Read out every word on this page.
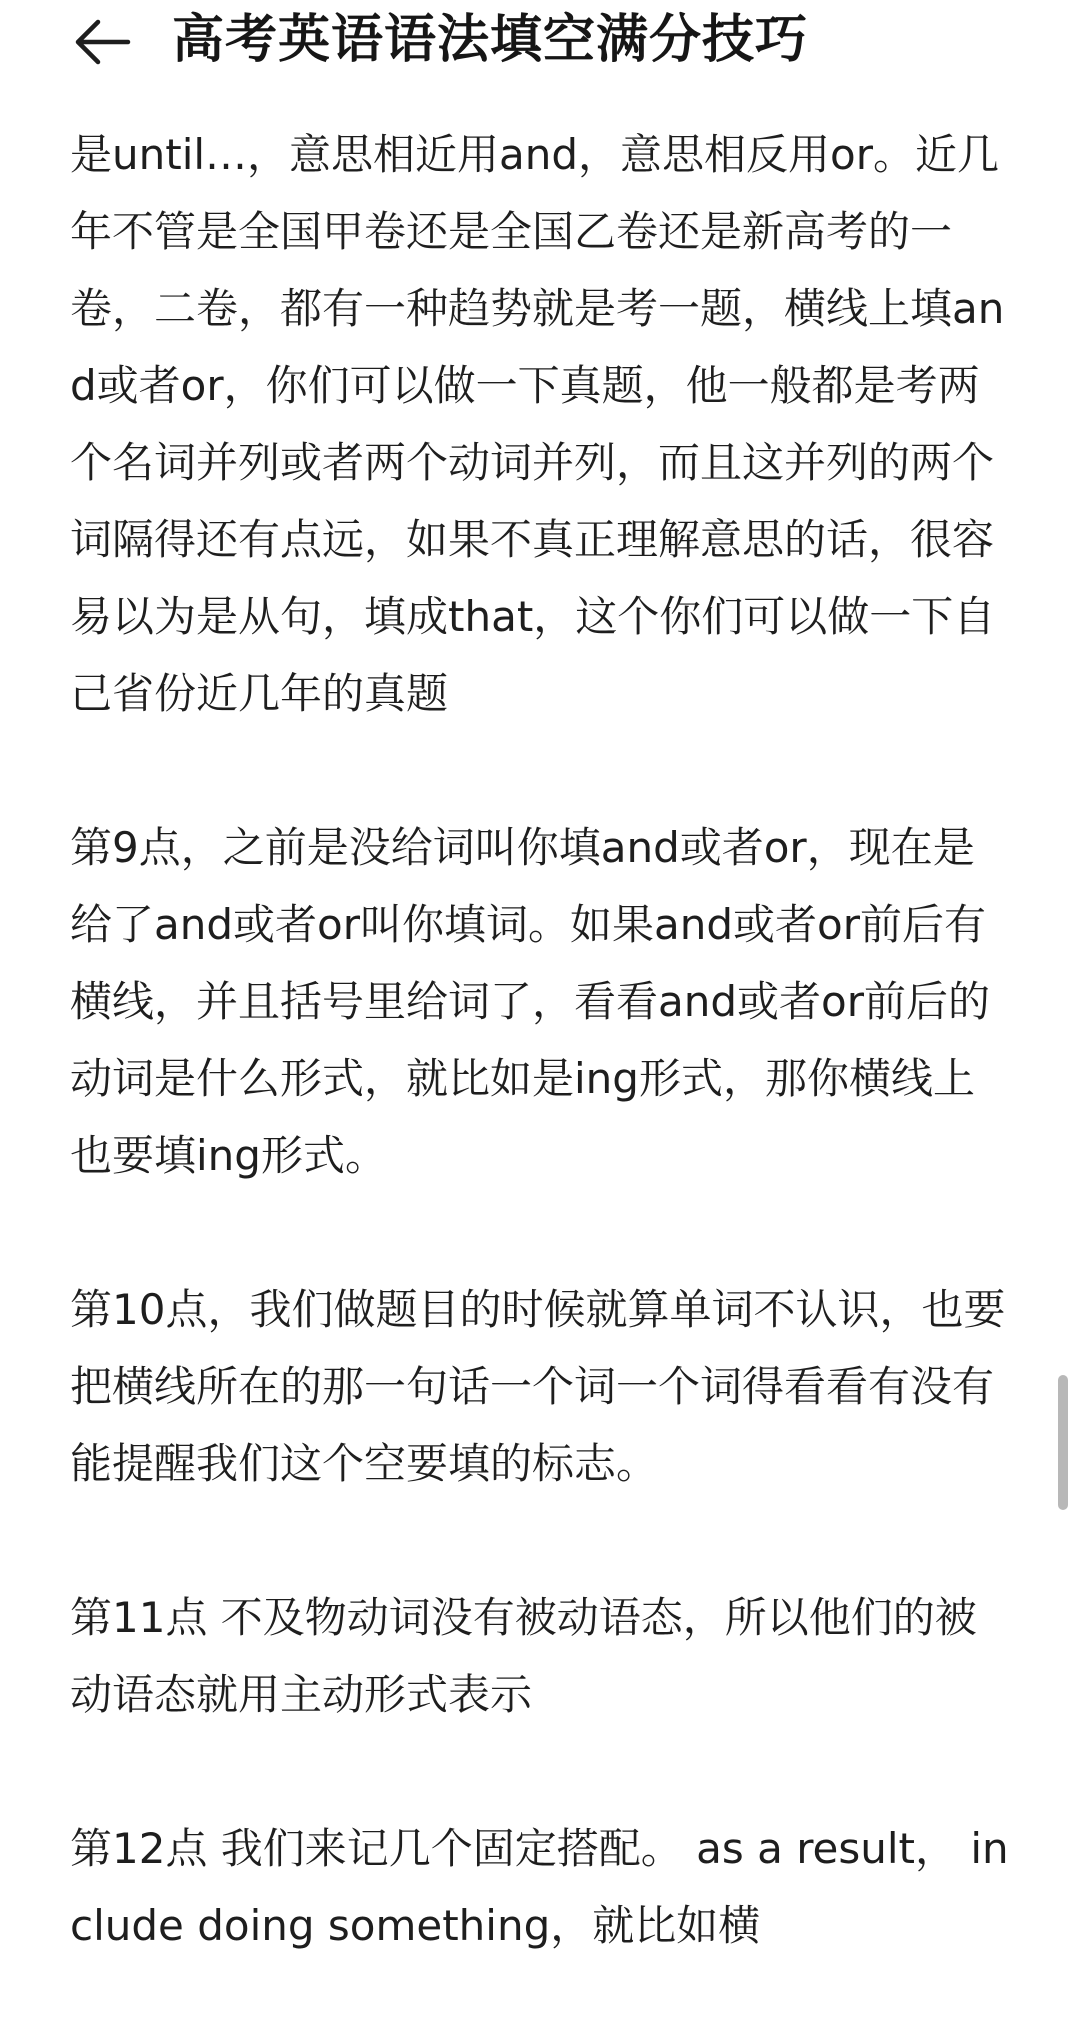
高考英语语法填空满分技巧

是until…，意思相近用and，意思相反用or。近几年不管是全国甲卷还是全国乙卷还是新高考的一卷，二卷，都有一种趋势就是考一题，横线上填and或者or，你们可以做一下真题，他一般都是考两个名词并列或者两个动词并列，而且这并列的两个词隔得还有点远，如果不真正理解意思的话，很容易以为是从句，填成that，这个你们可以做一下自己省份近几年的真题

第9点，之前是没给词叫你填and或者or，现在是给了and或者or叫你填词。如果and或者or前后有横线，并且括号里给词了，看看and或者or前后的动词是什么形式，就比如是ing形式，那你横线上也要填ing形式。

第10点，我们做题目的时候就算单词不认识，也要把横线所在的那一句话一个词一个词得看看有没有能提醒我们这个空要填的标志。

第11点 不及物动词没有被动语态，所以他们的被动语态就用主动形式表示

第12点 我们来记几个固定搭配。 as a result， include doing something，就比如横
